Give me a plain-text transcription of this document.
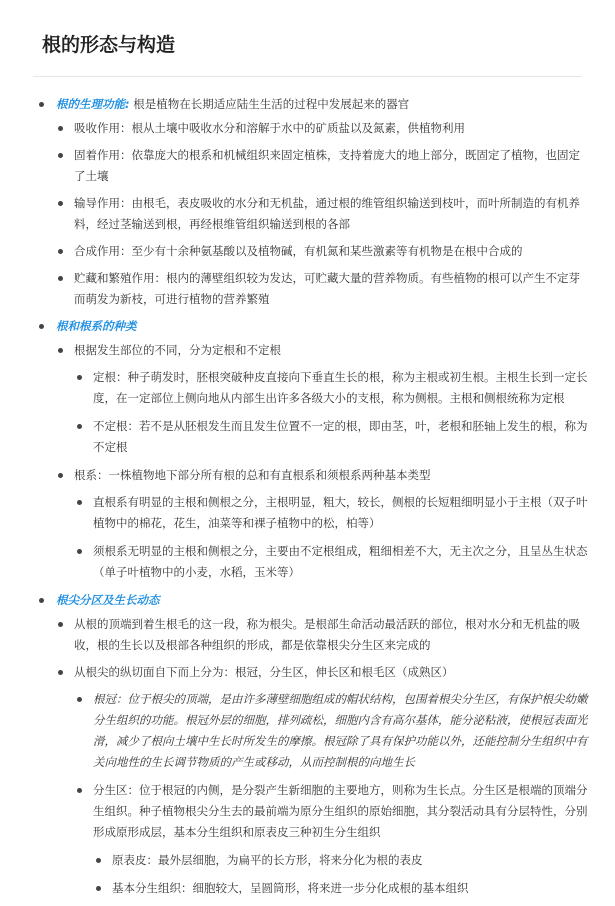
根的形态与构造
根的生理功能: 根是植物在长期适应陆生生活的过程中发展起来的器官
吸收作用：根从土壤中吸收水分和溶解于水中的矿质盐以及氮素，供植物利用
固着作用：依靠庞大的根系和机械组织来固定植株，支持着庞大的地上部分，既固定了植物，也固定了土壤
输导作用：由根毛，表皮吸收的水分和无机盐，通过根的维管组织输送到枝叶，而叶所制造的有机养料，经过茎输送到根，再经根维管组织输送到根的各部
合成作用：至少有十余种氨基酸以及植物碱，有机氮和某些激素等有机物是在根中合成的
贮藏和繁殖作用：根内的薄壁组织较为发达，可贮藏大量的营养物质。有些植物的根可以产生不定芽而萌发为新枝，可进行植物的营养繁殖
根和根系的种类
根据发生部位的不同，分为定根和不定根
定根：种子萌发时，胚根突破种皮直接向下垂直生长的根，称为主根或初生根。主根生长到一定长度，在一定部位上侧向地从内部生出许多各级大小的支根，称为侧根。主根和侧根统称为定根
不定根：若不是从胚根发生而且发生位置不一定的根，即由茎，叶，老根和胚轴上发生的根，称为不定根
根系：一株植物地下部分所有根的总和有直根系和须根系两种基本类型
直根系有明显的主根和侧根之分，主根明显，粗大，较长，侧根的长短粗细明显小于主根（双子叶植物中的棉花，花生，油菜等和裸子植物中的松，柏等）
须根系无明显的主根和侧根之分，主要由不定根组成，粗细相差不大，无主次之分，且呈丛生状态（单子叶植物中的小麦，水稻，玉米等）
根尖分区及生长动态
从根的顶端到着生根毛的这一段，称为根尖。是根部生命活动最活跃的部位，根对水分和无机盐的吸收，根的生长以及根部各种组织的形成，都是依靠根尖分生区来完成的
从根尖的纵切面自下而上分为：根冠，分生区，伸长区和根毛区（成熟区）
根冠：位于根尖的顶端，是由许多薄壁细胞组成的帽状结构，包围着根尖分生区，有保护根尖幼嫩分生组织的功能。根冠外层的细胞，排列疏松，细胞内含有高尔基体，能分泌粘液，使根冠表面光滑，减少了根向土壤中生长时所发生的摩擦。根冠除了具有保护功能以外，还能控制分生组织中有关向地性的生长调节物质的产生或移动，从而控制根的向地生长
分生区：位于根冠的内侧，是分裂产生新细胞的主要地方，则称为生长点。分生区是根端的顶端分生组织。种子植物根尖分生去的最前端为原分生组织的原始细胞，其分裂活动具有分层特性，分别形成原形成层，基本分生组织和原表皮三种初生分生组织
原表皮：最外层细胞，为扁平的长方形，将来分化为根的表皮
基本分生组织：细胞较大，呈圆筒形，将来进一步分化成根的基本组织
